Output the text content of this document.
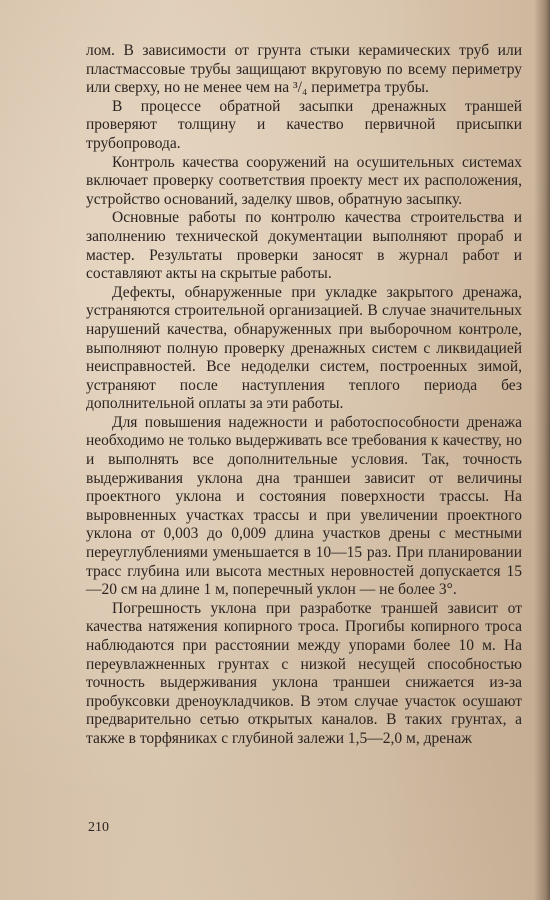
лом. В зависимости от грунта стыки керамических труб или пластмассовые трубы защищают вкруговую по всему периметру или сверху, но не менее чем на ³/₄ периметра трубы.

В процессе обратной засыпки дренажных траншей проверяют толщину и качество первичной присыпки трубопровода.

Контроль качества сооружений на осушительных системах включает проверку соответствия проекту мест их расположения, устройство оснований, заделку швов, обратную засыпку.

Основные работы по контролю качества строительства и заполнению технической документации выполняют прораб и мастер. Результаты проверки заносят в журнал работ и составляют акты на скрытые работы.

Дефекты, обнаруженные при укладке закрытого дренажа, устраняются строительной организацией. В случае значительных нарушений качества, обнаруженных при выборочном контроле, выполняют полную проверку дренажных систем с ликвидацией неисправностей. Все недоделки систем, построенных зимой, устраняют после наступления теплого периода без дополнительной оплаты за эти работы.

Для повышения надежности и работоспособности дренажа необходимо не только выдерживать все требования к качеству, но и выполнять все дополнительные условия. Так, точность выдерживания уклона дна траншеи зависит от величины проектного уклона и состояния поверхности трассы. На выровненных участках трассы и при увеличении проектного уклона от 0,003 до 0,009 длина участков дрены с местными переуглублениями уменьшается в 10—15 раз. При планировании трасс глубина или высота местных неровностей допускается 15—20 см на длине 1 м, поперечный уклон — не более 3°.

Погрешность уклона при разработке траншей зависит от качества натяжения копирного троса. Прогибы копирного троса наблюдаются при расстоянии между упорами более 10 м. На переувлажненных грунтах с низкой несущей способностью точность выдерживания уклона траншеи снижается из-за пробуксовки дреноукладчиков. В этом случае участок осушают предварительно сетью открытых каналов. В таких грунтах, а также в торфяниках с глубиной залежи 1,5—2,0 м, дренаж

210
